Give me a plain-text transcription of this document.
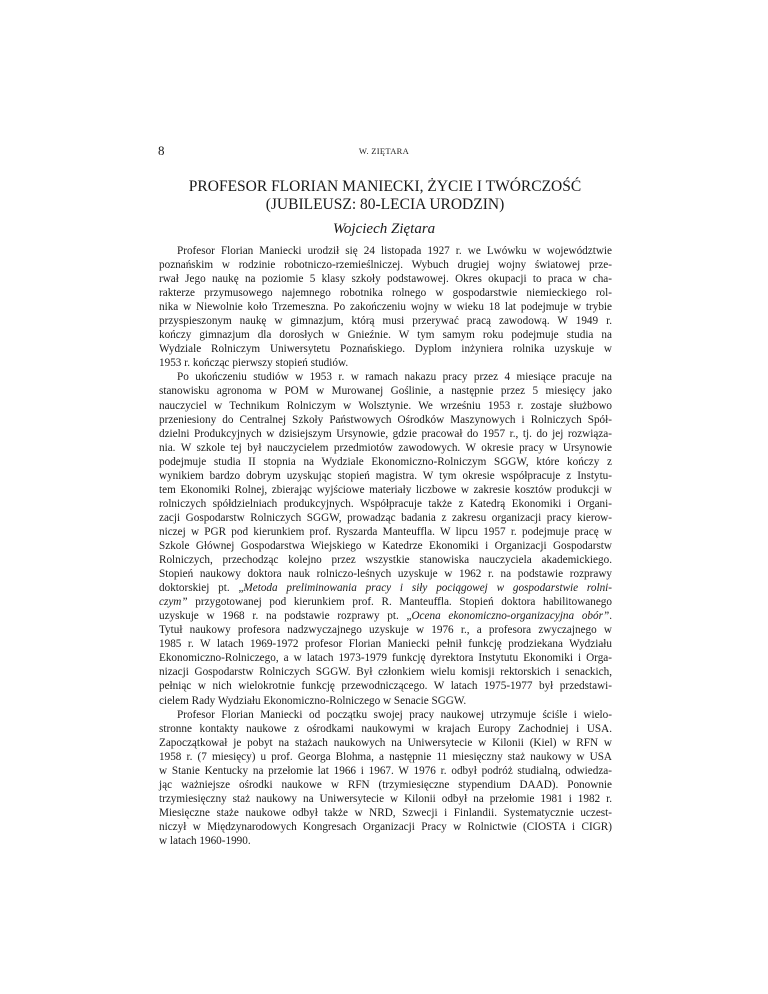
8	W. ZIĘTARA
PROFESOR FLORIAN MANIECKI, ŻYCIE I TWÓRCZOŚĆ
(JUBILEUSZ: 80-LECIA URODZIN)
Wojciech Ziętara
Profesor Florian Maniecki urodził się 24 listopada 1927 r. we Lwówku w województwie
poznańskim w rodzinie robotniczo-rzemieślniczej. Wybuch drugiej wojny światowej prze-
rwał Jego naukę na poziomie 5 klasy szkoły podstawowej. Okres okupacji to praca w cha-
rakterze przymusowego najemnego robotnika rolnego w gospodarstwie niemieckiego rol-
nika w Niewolnie koło Trzemeszna. Po zakończeniu wojny w wieku 18 lat podejmuje w trybie
przyspieszonym naukę w gimnazjum, którą musi przerywać pracą zawodową. W 1949 r.
kończy gimnazjum dla dorosłych w Gnieźnie. W tym samym roku podejmuje studia na
Wydziale Rolniczym Uniwersytetu Poznańskiego. Dyplom inżyniera rolnika uzyskuje w
1953 r. kończąc pierwszy stopień studiów.
Po ukończeniu studiów w 1953 r. w ramach nakazu pracy przez 4 miesiące pracuje na
stanowisku agronoma w POM w Murowanej Goślinie, a następnie przez 5 miesięcy jako
nauczyciel w Technikum Rolniczym w Wolsztynie. We wrześniu 1953 r. zostaje służbowo
przeniesiony do Centralnej Szkoły Państwowych Ośrodków Maszynowych i Rolniczych Spół-
dzielni Produkcyjnych w dzisiejszym Ursynowie, gdzie pracował do 1957 r., tj. do jej rozwiąza-
nia. W szkole tej był nauczycielem przedmiotów zawodowych. W okresie pracy w Ursynowie
podejmuje studia II stopnia na Wydziale Ekonomiczno-Rolniczym SGGW, które kończy z
wynikiem bardzo dobrym uzyskując stopień magistra. W tym okresie współpracuje z Instytu-
tem Ekonomiki Rolnej, zbierając wyjściowe materiały liczbowe w zakresie kosztów produkcji w
rolniczych spółdzielniach produkcyjnych. Współpracuje także z Katedrą Ekonomiki i Organi-
zacji Gospodarstw Rolniczych SGGW, prowadząc badania z zakresu organizacji pracy kierow-
niczej w PGR pod kierunkiem prof. Ryszarda Manteuffla. W lipcu 1957 r. podejmuje pracę w
Szkole Głównej Gospodarstwa Wiejskiego w Katedrze Ekonomiki i Organizacji Gospodarstw
Rolniczych, przechodząc kolejno przez wszystkie stanowiska nauczyciela akademickiego.
Stopień naukowy doktora nauk rolniczo-leśnych uzyskuje w 1962 r. na podstawie rozprawy
doktorskiej pt. „Metoda preliminowania pracy i siły pociągowej w gospodarstwie rolni-
czym” przygotowanej pod kierunkiem prof. R. Manteuffla. Stopień doktora habilitowanego
uzyskuje w 1968 r. na podstawie rozprawy pt. „Ocena ekonomiczno-organizacyjna obór”.
Tytuł naukowy profesora nadzwyczajnego uzyskuje w 1976 r., a profesora zwyczajnego w
1985 r. W latach 1969-1972 profesor Florian Maniecki pełnił funkcję prodziekana Wydziału
Ekonomiczno-Rolniczego, a w latach 1973-1979 funkcję dyrektora Instytutu Ekonomiki i Orga-
nizacji Gospodarstw Rolniczych SGGW. Był członkiem wielu komisji rektorskich i senackich,
pełniąc w nich wielokrotnie funkcję przewodniczącego. W latach 1975-1977 był przedstawi-
cielem Rady Wydziału Ekonomiczno-Rolniczego w Senacie SGGW.
Profesor Florian Maniecki od początku swojej pracy naukowej utrzymuje ściśle i wielo-
stronne kontakty naukowe z ośrodkami naukowymi w krajach Europy Zachodniej i USA.
Zapoczątkował je pobyt na stażach naukowych na Uniwersytecie w Kilonii (Kiel) w RFN w
1958 r. (7 miesięcy) u prof. Georga Blohma, a następnie 11 miesięczny staż naukowy w USA
w Stanie Kentucky na przełomie lat 1966 i 1967. W 1976 r. odbył podróż studialną, odwiedza-
jąc ważniejsze ośrodki naukowe w RFN (trzymiesięczne stypendium DAAD). Ponownie
trzymiesięczny staż naukowy na Uniwersytecie w Kilonii odbył na przełomie 1981 i 1982 r.
Miesięczne staże naukowe odbył także w NRD, Szwecji i Finlandii. Systematycznie uczest-
niczył w Międzynarodowych Kongresach Organizacji Pracy w Rolnictwie (CIOSTA i CIGR)
w latach 1960-1990.
